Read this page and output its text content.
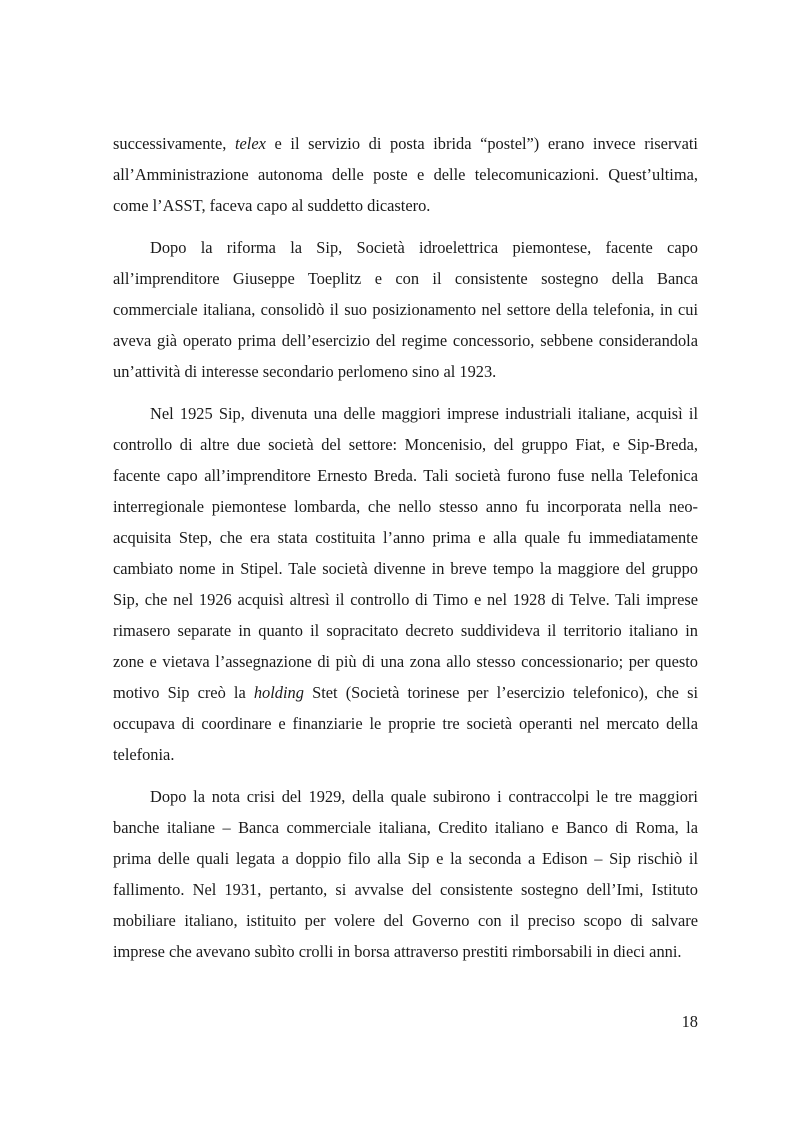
successivamente, telex e il servizio di posta ibrida “postel”) erano invece riservati all’Amministrazione autonoma delle poste e delle telecomunicazioni. Quest’ultima, come l’ASST, faceva capo al suddetto dicastero.

Dopo la riforma la Sip, Società idroelettrica piemontese, facente capo all’imprenditore Giuseppe Toeplitz e con il consistente sostegno della Banca commerciale italiana, consolidò il suo posizionamento nel settore della telefonia, in cui aveva già operato prima dell’esercizio del regime concessorio, sebbene considerandola un’attività di interesse secondario perlomeno sino al 1923.

Nel 1925 Sip, divenuta una delle maggiori imprese industriali italiane, acquisì il controllo di altre due società del settore: Moncenisio, del gruppo Fiat, e Sip-Breda, facente capo all’imprenditore Ernesto Breda. Tali società furono fuse nella Telefonica interregionale piemontese lombarda, che nello stesso anno fu incorporata nella neo-acquisita Step, che era stata costituita l’anno prima e alla quale fu immediatamente cambiato nome in Stipel. Tale società divenne in breve tempo la maggiore del gruppo Sip, che nel 1926 acquisì altresì il controllo di Timo e nel 1928 di Telve. Tali imprese rimasero separate in quanto il sopracitato decreto suddivideva il territorio italiano in zone e vietava l’assegnazione di più di una zona allo stesso concessionario; per questo motivo Sip creò la holding Stet (Società torinese per l’esercizio telefonico), che si occupava di coordinare e finanziarie le proprie tre società operanti nel mercato della telefonia.

Dopo la nota crisi del 1929, della quale subirono i contraccolpi le tre maggiori banche italiane – Banca commerciale italiana, Credito italiano e Banco di Roma, la prima delle quali legata a doppio filo alla Sip e la seconda a Edison – Sip rischiò il fallimento. Nel 1931, pertanto, si avvalse del consistente sostegno dell’Imi, Istituto mobiliare italiano, istituito per volere del Governo con il preciso scopo di salvare imprese che avevano subìto crolli in borsa attraverso prestiti rimborsabili in dieci anni.

18
